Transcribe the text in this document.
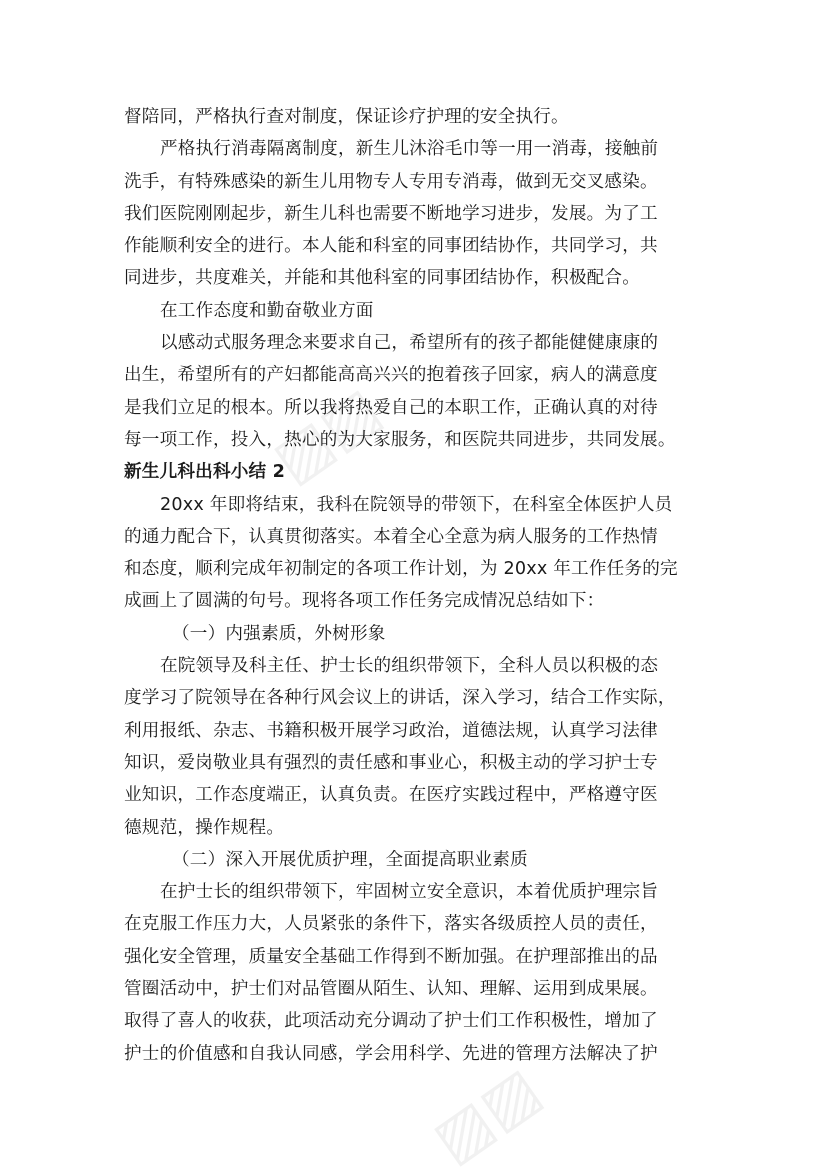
▨▨
▨▨
督陪同，严格执行查对制度，保证诊疗护理的安全执行。
严格执行消毒隔离制度，新生儿沐浴毛巾等一用一消毒，接触前
洗手，有特殊感染的新生儿用物专人专用专消毒，做到无交叉感染。
我们医院刚刚起步，新生儿科也需要不断地学习进步，发展。为了工
作能顺利安全的进行。本人能和科室的同事团结协作，共同学习，共
同进步，共度难关，并能和其他科室的同事团结协作，积极配合。
在工作态度和勤奋敬业方面
以感动式服务理念来要求自己，希望所有的孩子都能健健康康的
出生，希望所有的产妇都能高高兴兴的抱着孩子回家，病人的满意度
是我们立足的根本。所以我将热爱自己的本职工作，正确认真的对待
每一项工作，投入，热心的为大家服务，和医院共同进步，共同发展。
新生儿科出科小结 2
20xx 年即将结束，我科在院领导的带领下，在科室全体医护人员
的通力配合下，认真贯彻落实。本着全心全意为病人服务的工作热情
和态度，顺利完成年初制定的各项工作计划，为 20xx 年工作任务的完
成画上了圆满的句号。现将各项工作任务完成情况总结如下：
（一）内强素质，外树形象
在院领导及科主任、护士长的组织带领下，全科人员以积极的态
度学习了院领导在各种行风会议上的讲话，深入学习，结合工作实际，
利用报纸、杂志、书籍积极开展学习政治，道德法规，认真学习法律
知识，爱岗敬业具有强烈的责任感和事业心，积极主动的学习护士专
业知识，工作态度端正，认真负责。在医疗实践过程中，严格遵守医
德规范，操作规程。
（二）深入开展优质护理，全面提高职业素质
在护士长的组织带领下，牢固树立安全意识，本着优质护理宗旨
在克服工作压力大，人员紧张的条件下，落实各级质控人员的责任，
强化安全管理，质量安全基础工作得到不断加强。在护理部推出的品
管圈活动中，护士们对品管圈从陌生、认知、理解、运用到成果展。
取得了喜人的收获，此项活动充分调动了护士们工作积极性，增加了
护士的价值感和自我认同感，学会用科学、先进的管理方法解决了护
